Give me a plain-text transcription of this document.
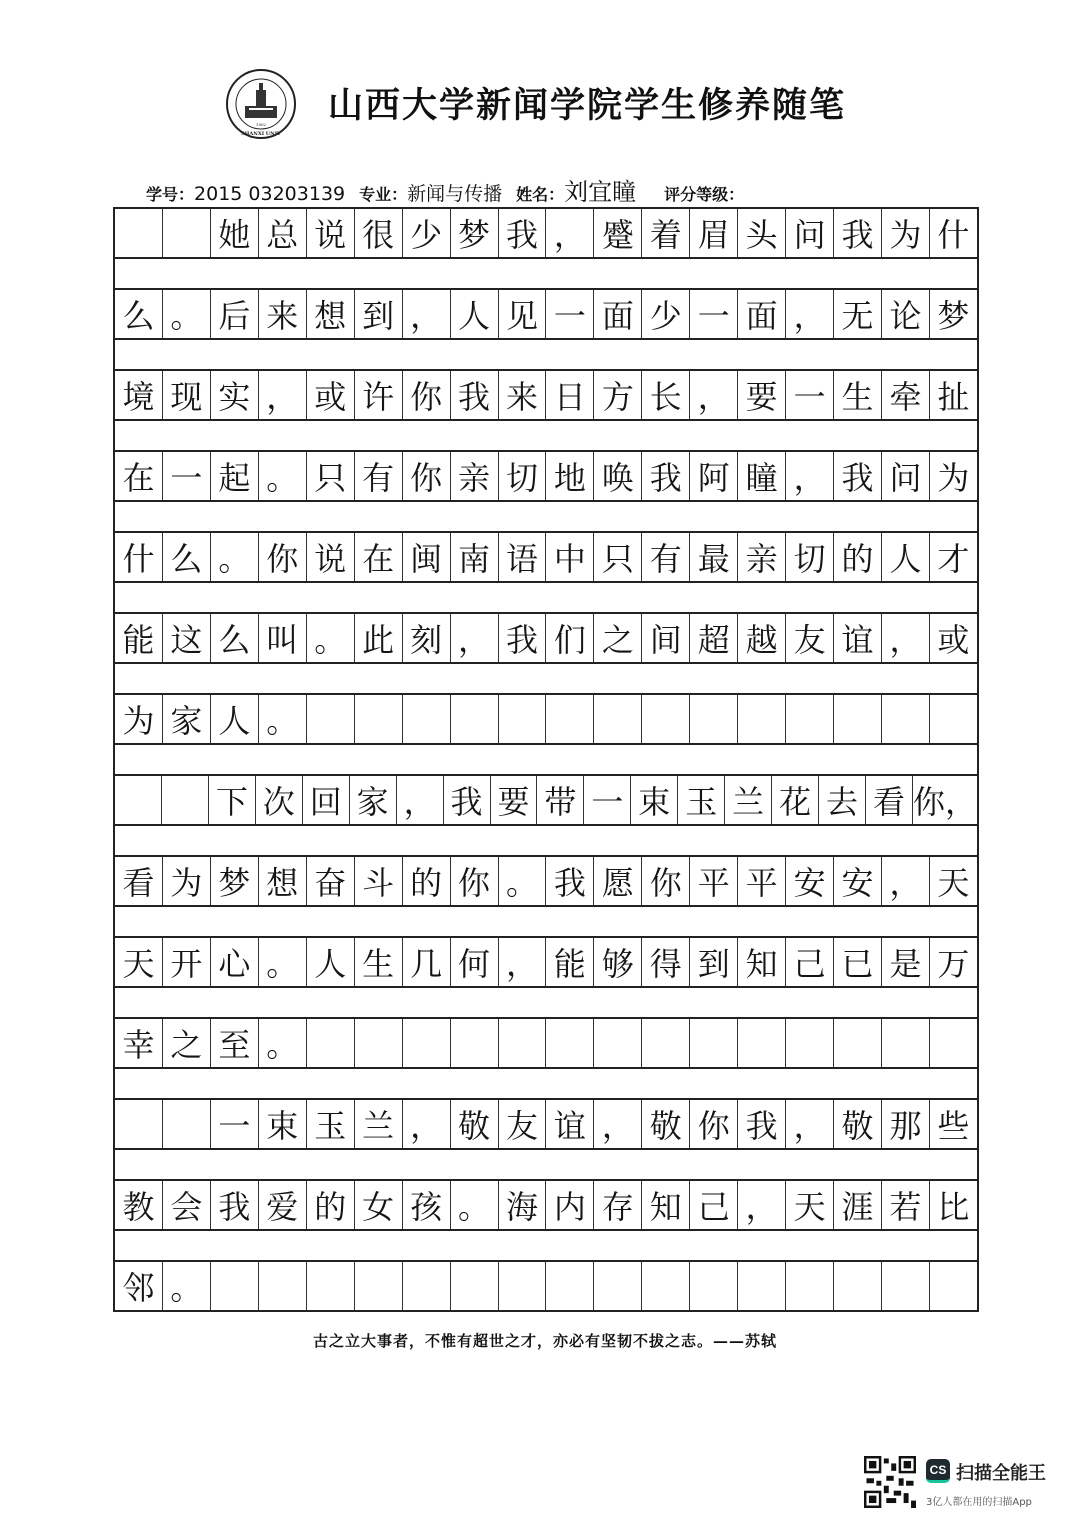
1902
SHANXI UNIV
山西大学新闻学院学生修养随笔
学号： 2015 03203139 专业： 新闻与传播 姓名： 刘宜瞳 评分等级：
她 总 说 很 少 梦 我 ， 蹙 着 眉 头 问 我 为 什
么 。 后 来 想 到 ， 人 见 一 面 少 一 面 ， 无 论 梦
境 现 实 ， 或 许 你 我 来 日 方 长 ， 要 一 生 牵 扯
在 一 起 。 只 有 你 亲 切 地 唤 我 阿 瞳 ， 我 问 为
什 么 。 你 说 在 闽 南 语 中 只 有 最 亲 切 的 人 才
能 这 么 叫 。 此 刻 ， 我 们 之 间 超 越 友 谊 ， 或
为 家 人 。
下 次 回 家 ， 我 要 带 一 束 玉 兰 花 去 看 你，
看 为 梦 想 奋 斗 的 你 。 我 愿 你 平 平 安 安 ， 天
天 开 心 。 人 生 几 何 ， 能 够 得 到 知 己 已 是 万
幸 之 至 。
一 束 玉 兰 ， 敬 友 谊 ， 敬 你 我 ， 敬 那 些
教 会 我 爱 的 女 孩 。 海 内 存 知 己 ， 天 涯 若 比
邻 。
古之立大事者，不惟有超世之才，亦必有坚韧不拔之志。——苏轼
CS 扫描全能王
3亿人都在用的扫描App
